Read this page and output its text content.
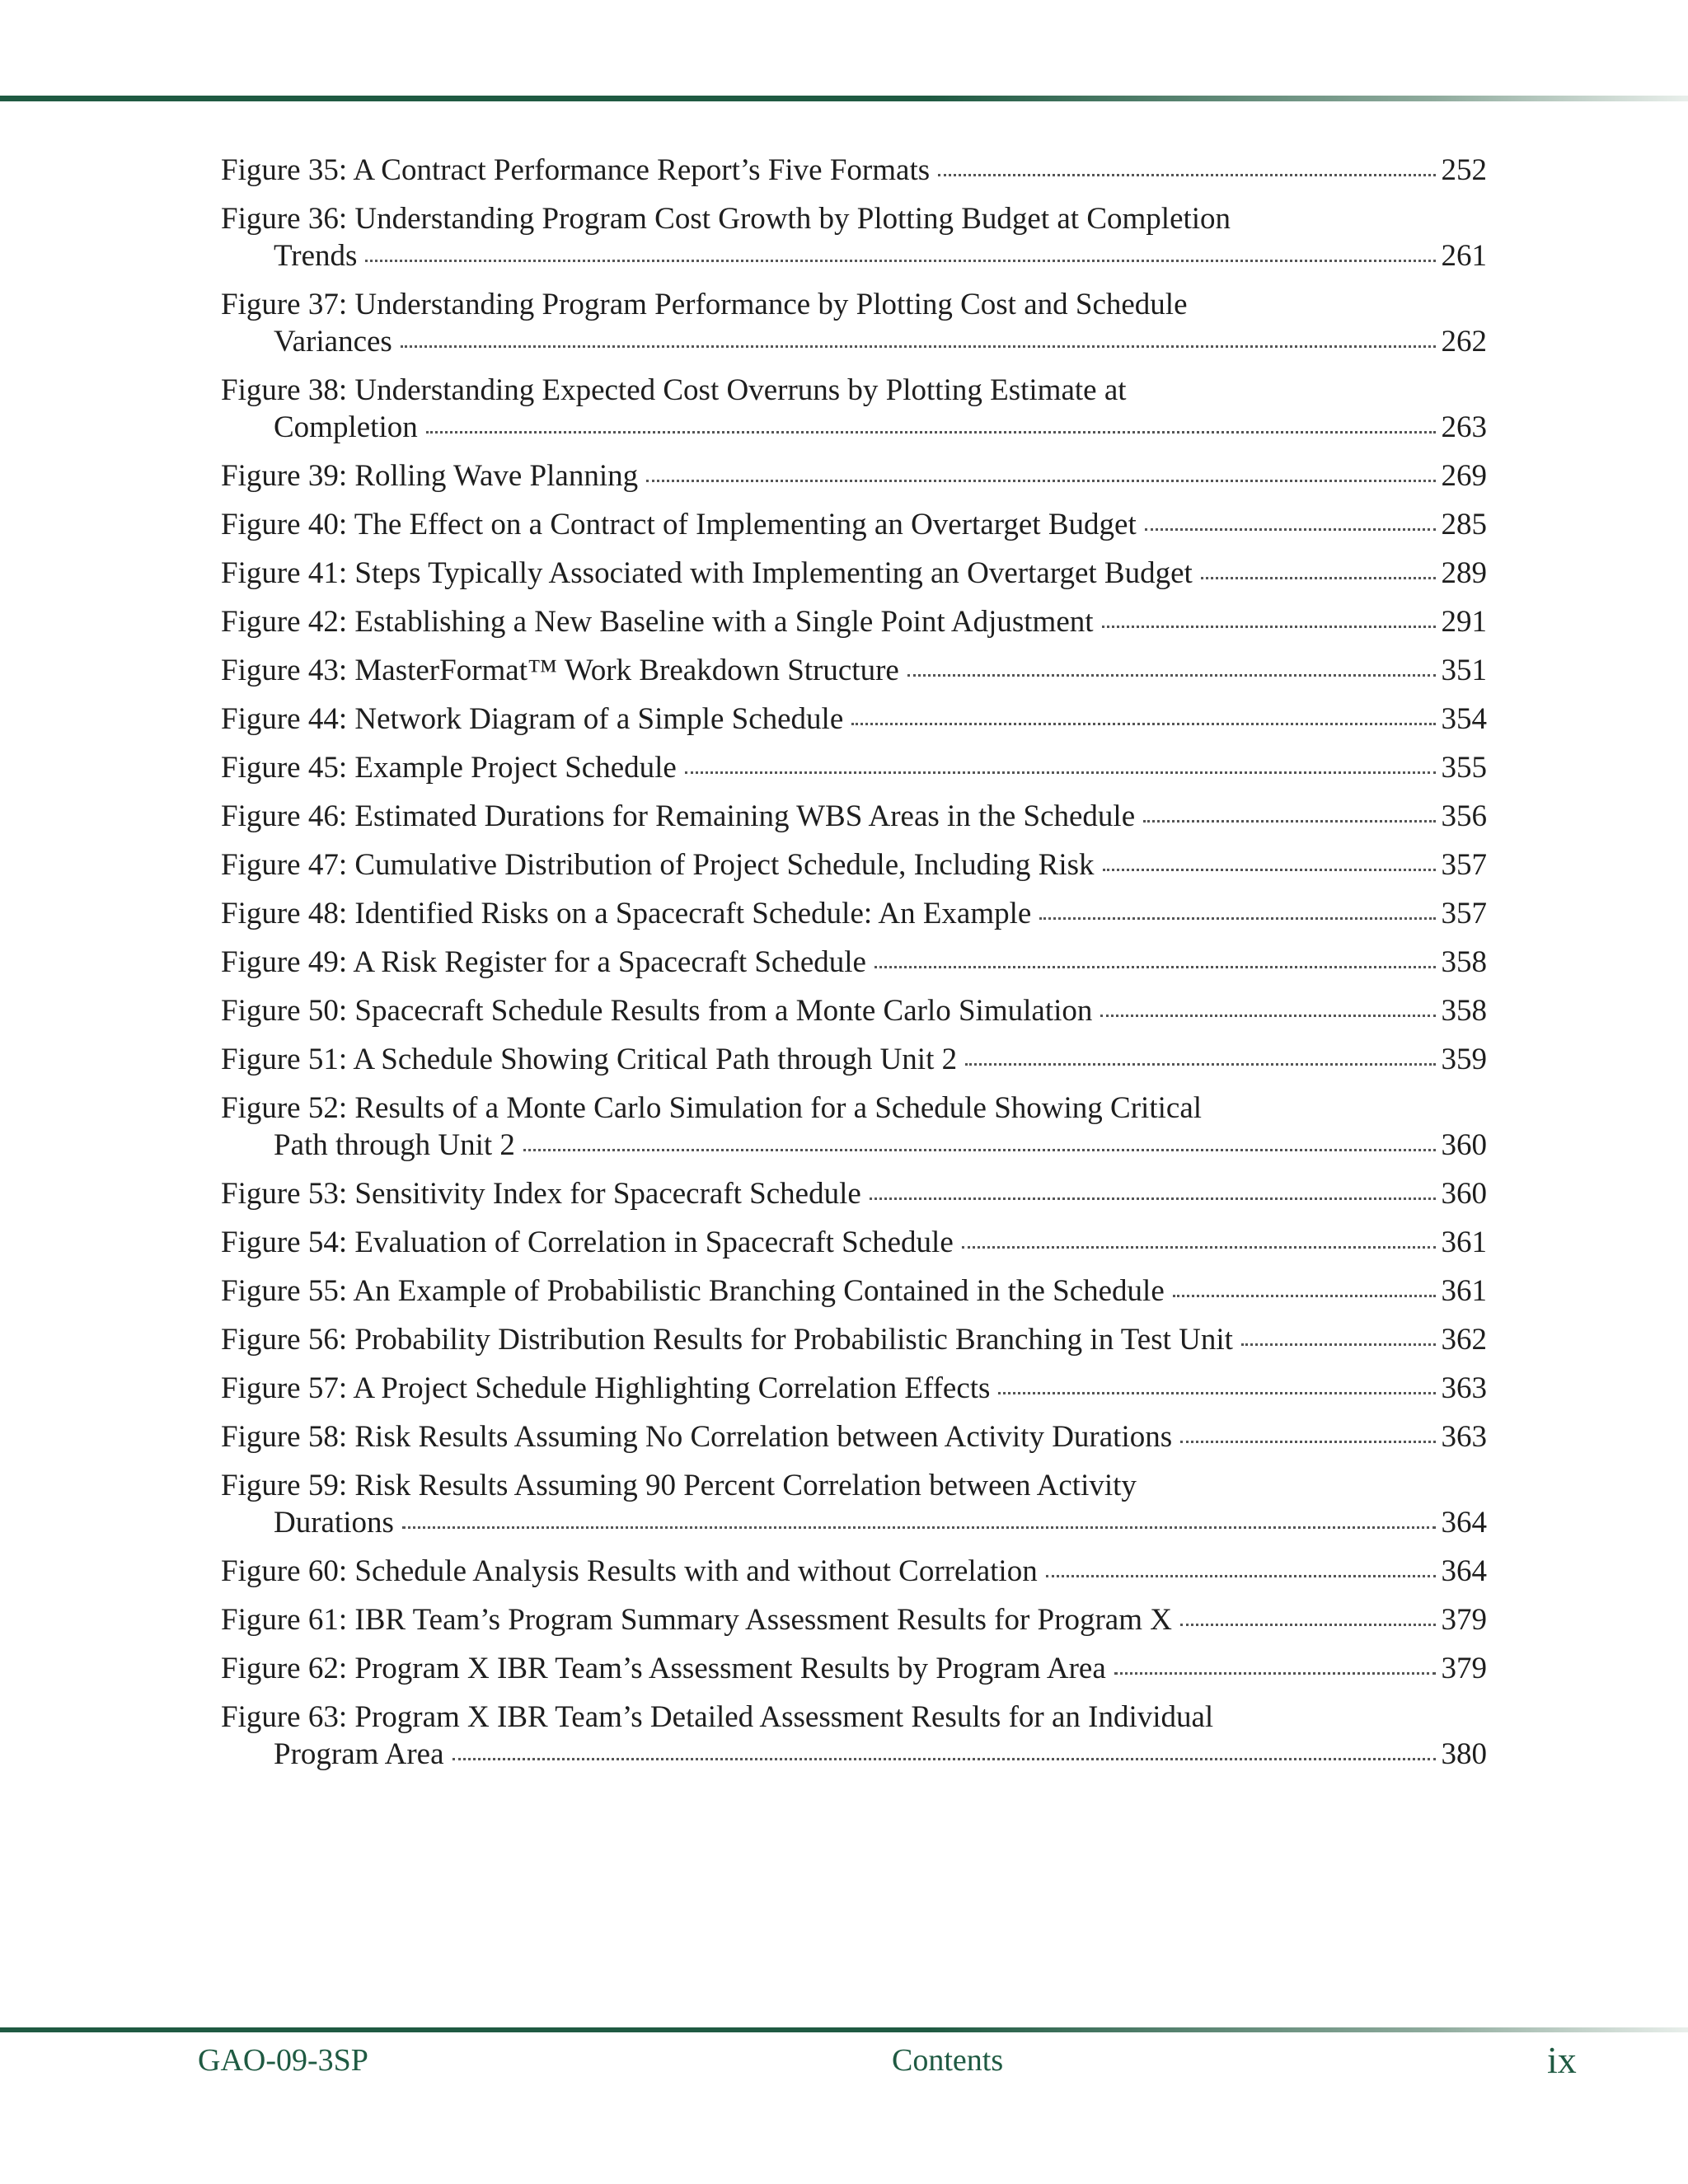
Figure 35: A Contract Performance Report’s Five Formats	252
Figure 36: Understanding Program Cost Growth by Plotting Budget at Completion
Trends	261
Figure 37: Understanding Program Performance by Plotting Cost and Schedule
Variances	262
Figure 38: Understanding Expected Cost Overruns by Plotting Estimate at
Completion	263
Figure 39: Rolling Wave Planning	269
Figure 40: The Effect on a Contract of Implementing an Overtarget Budget	285
Figure 41: Steps Typically Associated with Implementing an Overtarget Budget	289
Figure 42: Establishing a New Baseline with a Single Point Adjustment	291
Figure 43: MasterFormat™ Work Breakdown Structure	351
Figure 44: Network Diagram of a Simple Schedule	354
Figure 45: Example Project Schedule	355
Figure 46: Estimated Durations for Remaining WBS Areas in the Schedule	356
Figure 47: Cumulative Distribution of Project Schedule, Including Risk	357
Figure 48: Identified Risks on a Spacecraft Schedule: An Example	357
Figure 49: A Risk Register for a Spacecraft Schedule	358
Figure 50: Spacecraft Schedule Results from a Monte Carlo Simulation	358
Figure 51: A Schedule Showing Critical Path through Unit 2	359
Figure 52: Results of a Monte Carlo Simulation for a Schedule Showing Critical
Path through Unit 2	360
Figure 53: Sensitivity Index for Spacecraft Schedule	360
Figure 54: Evaluation of Correlation in Spacecraft Schedule	361
Figure 55: An Example of Probabilistic Branching Contained in the Schedule	361
Figure 56: Probability Distribution Results for Probabilistic Branching in Test Unit	362
Figure 57: A Project Schedule Highlighting Correlation Effects	363
Figure 58: Risk Results Assuming No Correlation between Activity Durations	363
Figure 59: Risk Results Assuming 90 Percent Correlation between Activity
Durations	364
Figure 60: Schedule Analysis Results with and without Correlation	364
Figure 61: IBR Team’s Program Summary Assessment Results for Program X	379
Figure 62: Program X IBR Team’s Assessment Results by Program Area	379
Figure 63: Program X IBR Team’s Detailed Assessment Results for an Individual
Program Area	380
GAO-09-3SP	Contents	ix
